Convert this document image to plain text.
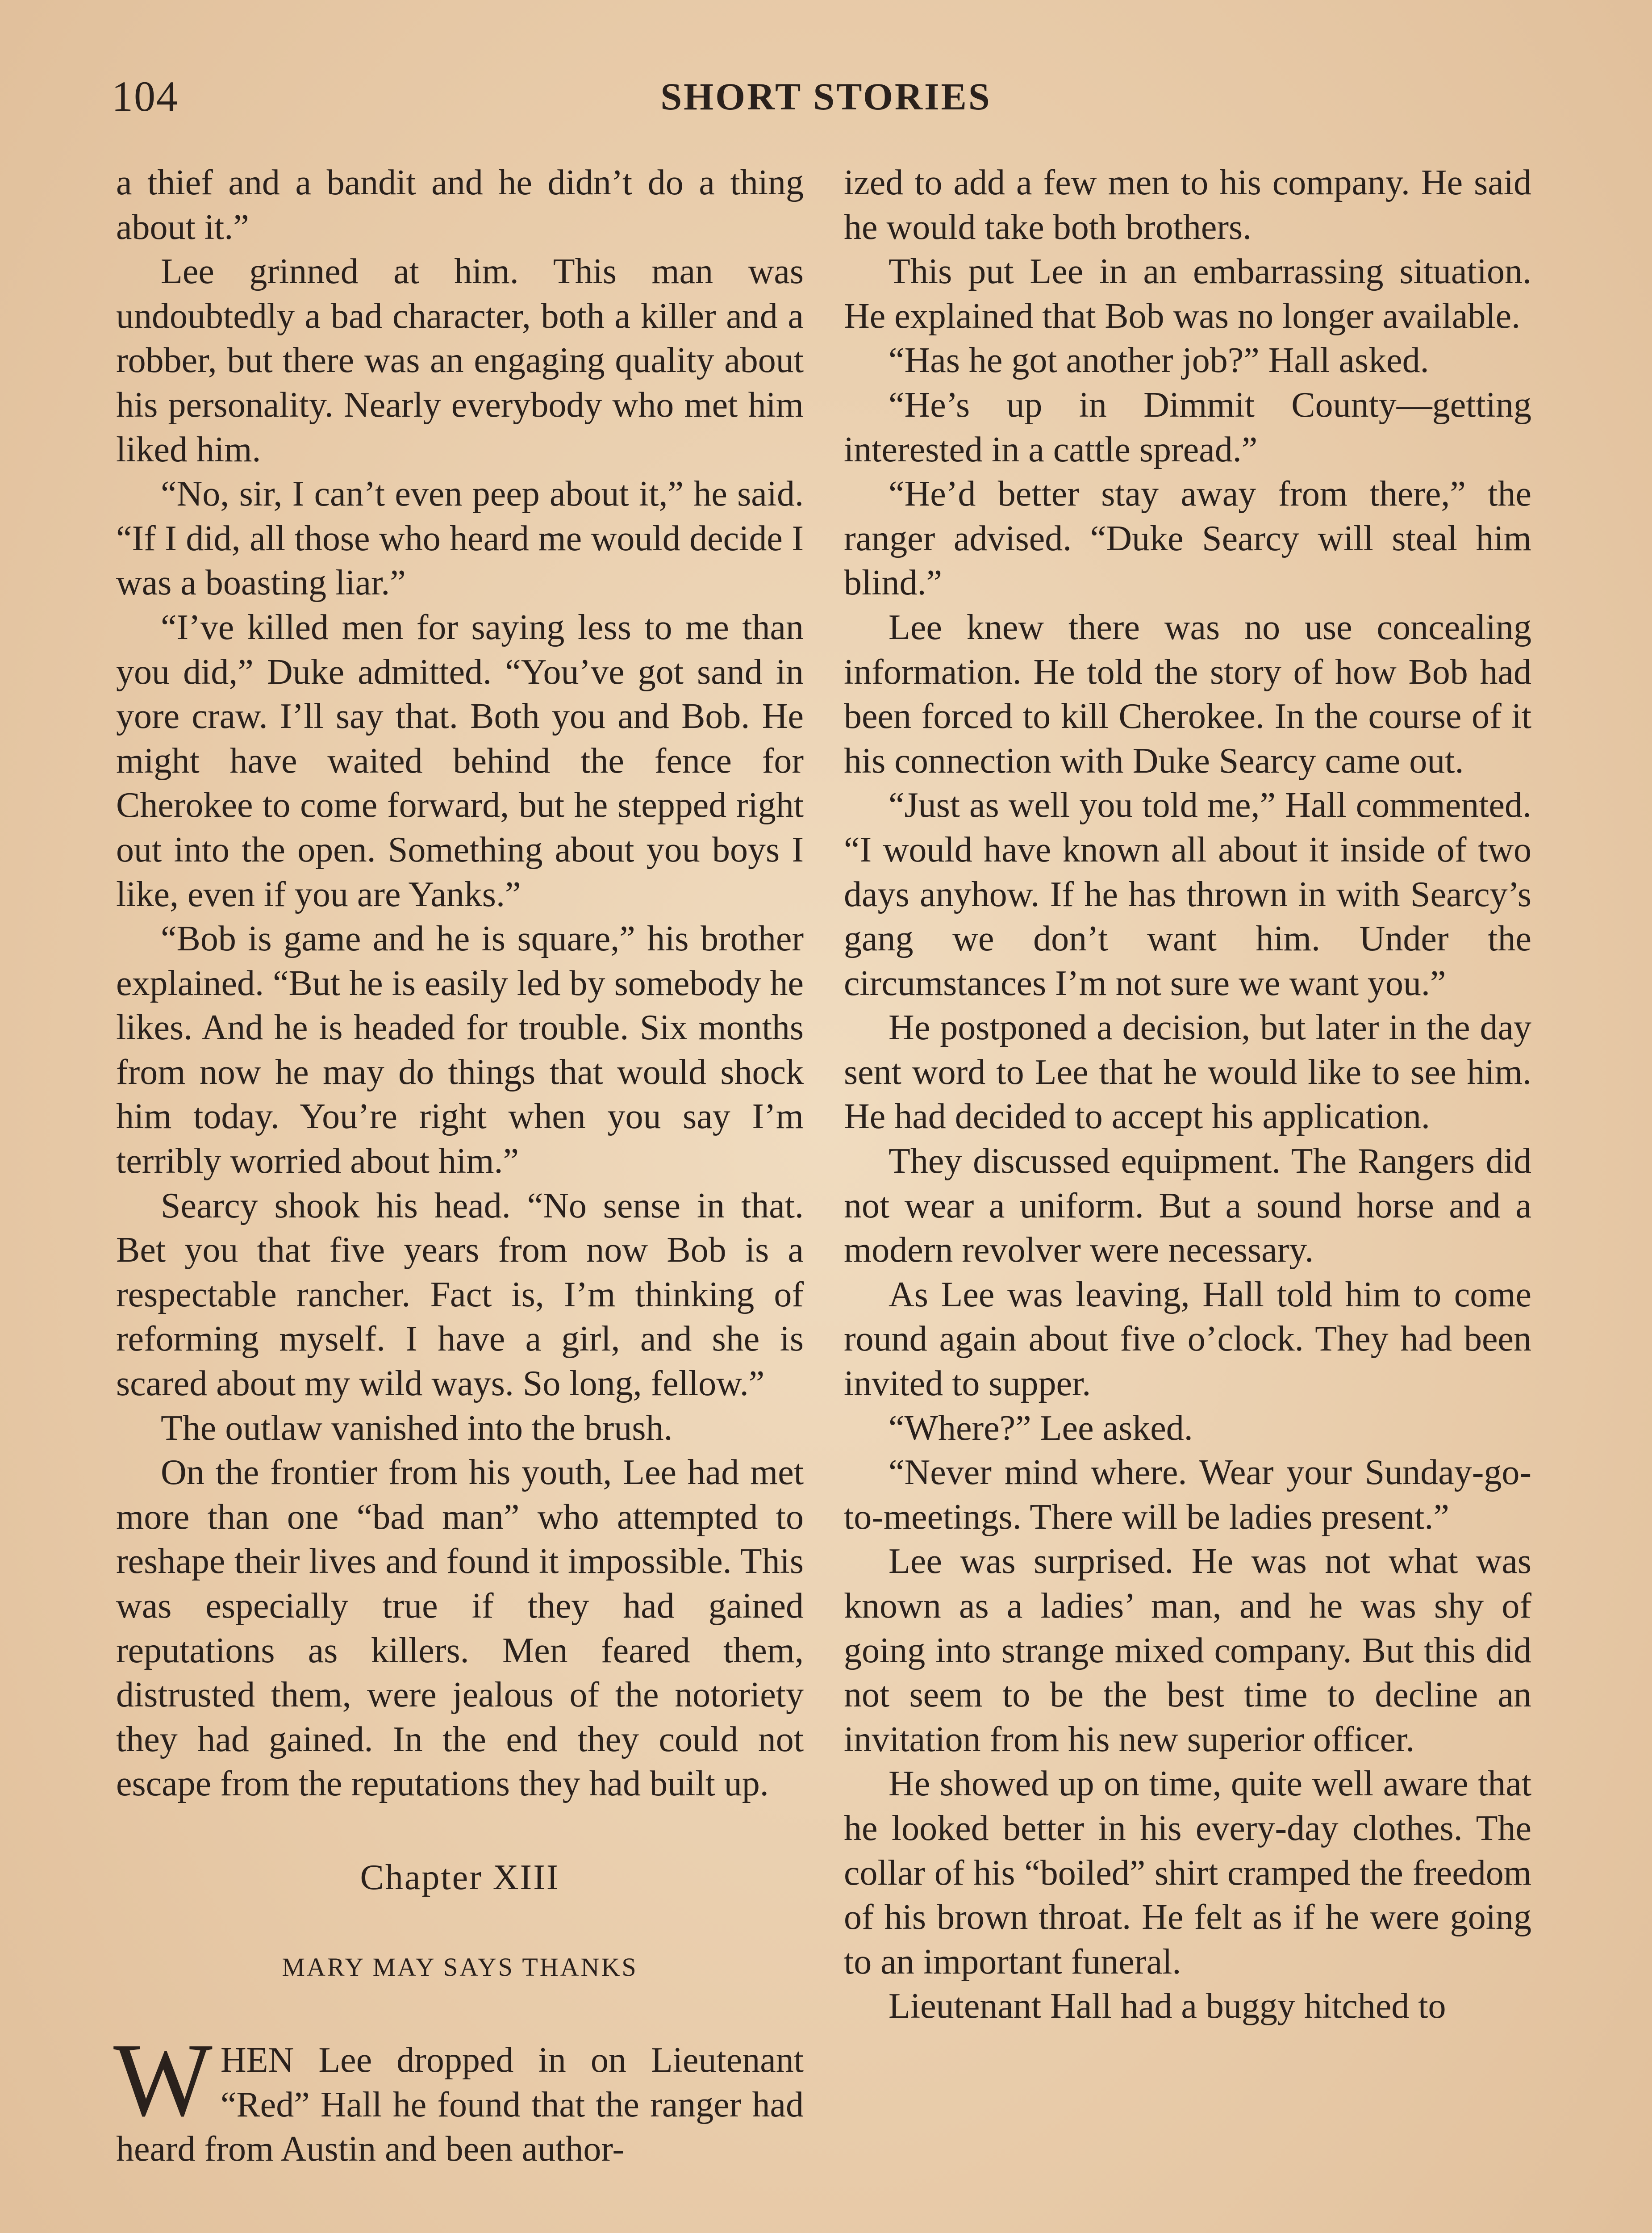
104	SHORT STORIES

a thief and a bandit and he didn’t do a thing about it.”

Lee grinned at him. This man was undoubtedly a bad character, both a killer and a robber, but there was an engaging quality about his personality. Nearly everybody who met him liked him.

“No, sir, I can’t even peep about it,” he said. “If I did, all those who heard me would decide I was a boasting liar.”

“I’ve killed men for saying less to me than you did,” Duke admitted. “You’ve got sand in yore craw. I’ll say that. Both you and Bob. He might have waited behind the fence for Cherokee to come forward, but he stepped right out into the open. Something about you boys I like, even if you are Yanks.”

“Bob is game and he is square,” his brother explained. “But he is easily led by somebody he likes. And he is headed for trouble. Six months from now he may do things that would shock him today. You’re right when you say I’m terribly worried about him.”

Searcy shook his head. “No sense in that. Bet you that five years from now Bob is a respectable rancher. Fact is, I’m thinking of reforming myself. I have a girl, and she is scared about my wild ways. So long, fellow.”

The outlaw vanished into the brush.

On the frontier from his youth, Lee had met more than one “bad man” who attempted to reshape their lives and found it impossible. This was especially true if they had gained reputations as killers. Men feared them, distrusted them, were jealous of the notoriety they had gained. In the end they could not escape from the reputations they had built up.

Chapter XIII
MARY MAY SAYS THANKS

WHEN Lee dropped in on Lieutenant “Red” Hall he found that the ranger had heard from Austin and been author-

ized to add a few men to his company. He said he would take both brothers.

This put Lee in an embarrassing situation. He explained that Bob was no longer available.

“Has he got another job?” Hall asked.

“He’s up in Dimmit County—getting interested in a cattle spread.”

“He’d better stay away from there,” the ranger advised. “Duke Searcy will steal him blind.”

Lee knew there was no use concealing information. He told the story of how Bob had been forced to kill Cherokee. In the course of it his connection with Duke Searcy came out.

“Just as well you told me,” Hall commented. “I would have known all about it inside of two days anyhow. If he has thrown in with Searcy’s gang we don’t want him. Under the circumstances I’m not sure we want you.”

He postponed a decision, but later in the day sent word to Lee that he would like to see him. He had decided to accept his application.

They discussed equipment. The Rangers did not wear a uniform. But a sound horse and a modern revolver were necessary.

As Lee was leaving, Hall told him to come round again about five o’clock. They had been invited to supper.

“Where?” Lee asked.

“Never mind where. Wear your Sunday-go-to-meetings. There will be ladies present.”

Lee was surprised. He was not what was known as a ladies’ man, and he was shy of going into strange mixed company. But this did not seem to be the best time to decline an invitation from his new superior officer.

He showed up on time, quite well aware that he looked better in his every-day clothes. The collar of his “boiled” shirt cramped the freedom of his brown throat. He felt as if he were going to an important funeral.

Lieutenant Hall had a buggy hitched to
